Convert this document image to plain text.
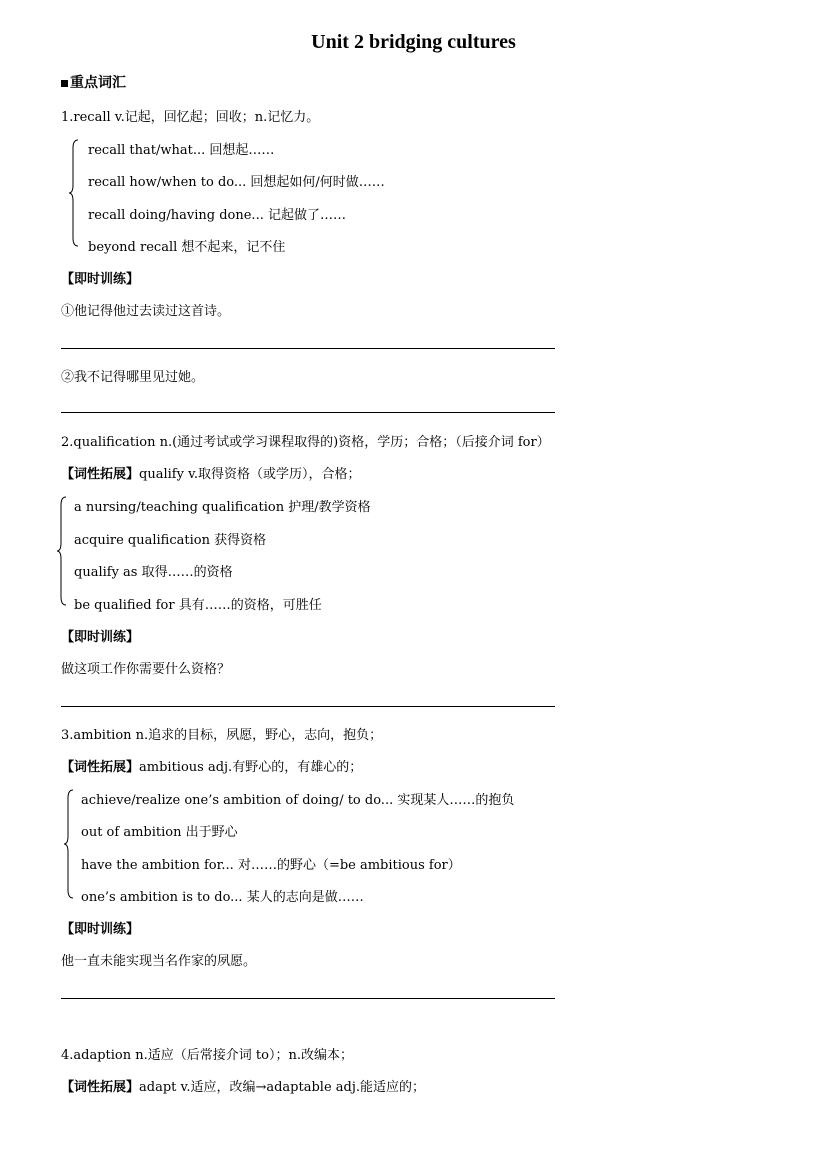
Unit 2 bridging cultures
重点词汇
1.recall v.记起，回忆起；回收；n.记忆力。
recall that/what... 回想起……
recall how/when to do... 回想起如何/何时做……
recall doing/having done... 记起做了……
beyond recall 想不起来，记不住
【即时训练】
①他记得他过去读过这首诗。
②我不记得哪里见过她。
2.qualification n.(通过考试或学习课程取得的)资格，学历；合格；（后接介词 for）
【词性拓展】qualify v.取得资格（或学历），合格；
a nursing/teaching qualification 护理/教学资格
acquire qualification 获得资格
qualify as 取得……的资格
be qualified for 具有……的资格，可胜任
【即时训练】
做这项工作你需要什么资格？
3.ambition n.追求的目标，夙愿，野心，志向，抱负；
【词性拓展】ambitious adj.有野心的，有雄心的；
achieve/realize one’s ambition of doing/ to do... 实现某人……的抱负
out of ambition 出于野心
have the ambition for... 对……的野心（=be ambitious for）
one’s ambition is to do... 某人的志向是做……
【即时训练】
他一直未能实现当名作家的夙愿。
4.adaption n.适应（后常接介词 to）；n.改编本；
【词性拓展】adapt v.适应，改编→adaptable adj.能适应的；
